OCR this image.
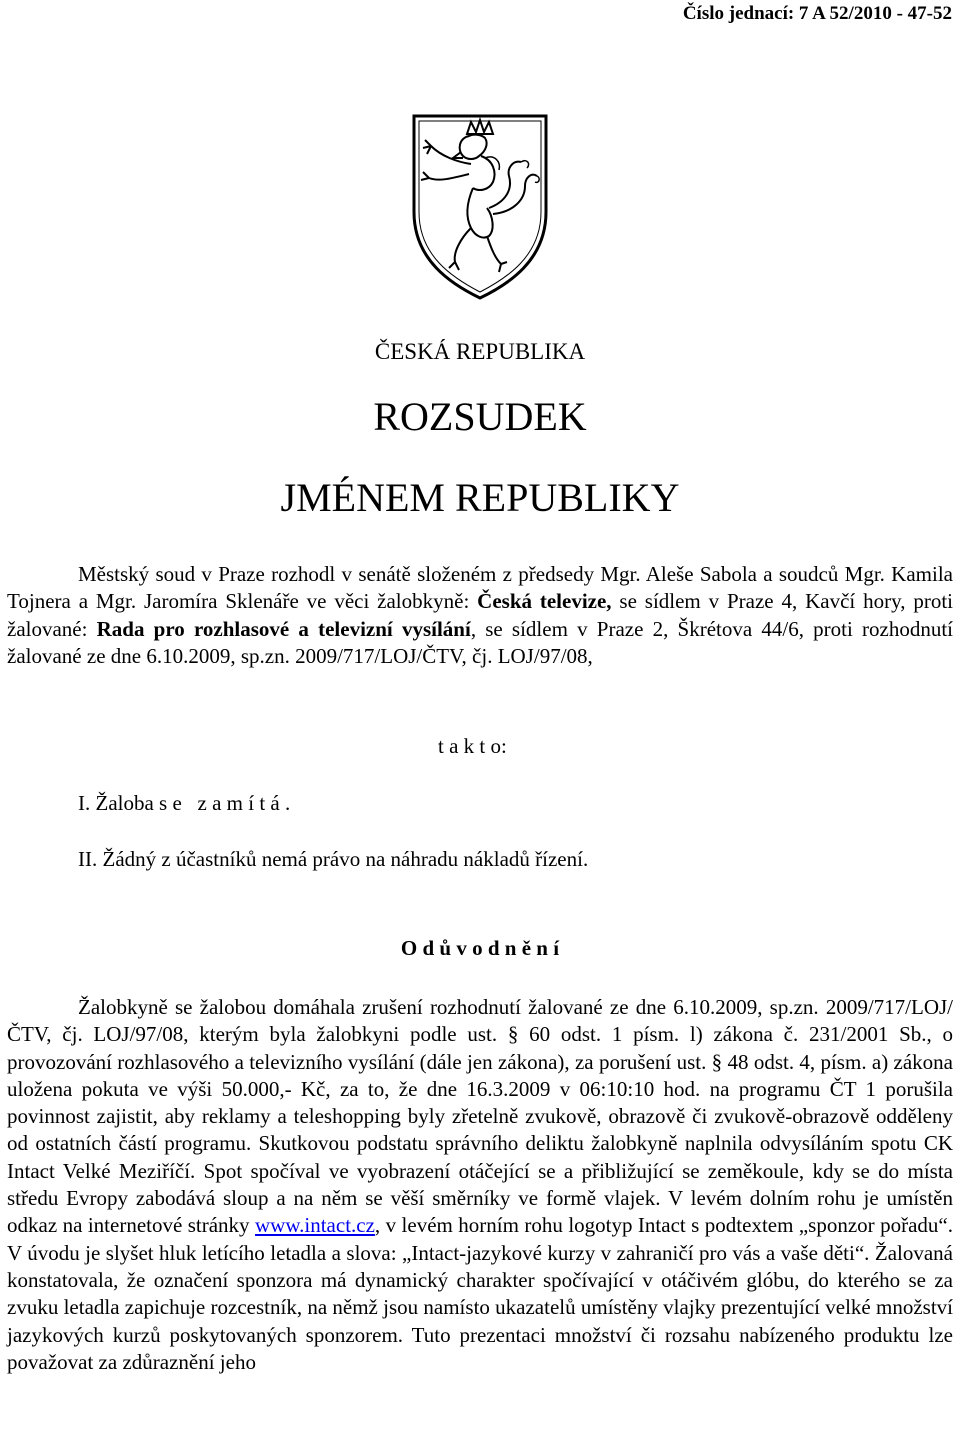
Číslo jednací: 7 A 52/2010 - 47-52
ČESKÁ REPUBLIKA
ROZSUDEK
JMÉNEM REPUBLIKY
Městský soud v Praze rozhodl v senátě složeném z předsedy Mgr. Aleše Sabola a soudců Mgr. Kamila Tojnera a Mgr. Jaromíra Sklenáře ve věci žalobkyně: Česká televize, se sídlem v Praze 4, Kavčí hory, proti žalované: Rada pro rozhlasové a televizní vysílání, se sídlem v Praze 2, Škrétova 44/6, proti rozhodnutí žalované ze dne 6.10.2009, sp.zn. 2009/717/LOJ/ČTV, čj. LOJ/97/08,
t a k t o:
I. Žaloba s e   z a m í t á .
II. Žádný z účastníků nemá právo na náhradu nákladů řízení.
O d ů v o d n ě n í
Žalobkyně se žalobou domáhala zrušení rozhodnutí žalované ze dne 6.10.2009, sp.zn. 2009/717/LOJ/ČTV, čj. LOJ/97/08, kterým byla žalobkyni podle ust. § 60 odst. 1 písm. l) zákona č. 231/2001 Sb., o provozování rozhlasového a televizního vysílání (dále jen zákona), za porušení ust. § 48 odst. 4, písm. a) zákona uložena pokuta ve výši 50.000,- Kč, za to, že dne 16.3.2009 v 06:10:10 hod. na programu ČT 1 porušila povinnost zajistit, aby reklamy a teleshopping byly zřetelně zvukově, obrazově či zvukově-obrazově odděleny od ostatních částí programu. Skutkovou podstatu správního deliktu žalobkyně naplnila odvysíláním spotu CK Intact Velké Meziříčí. Spot spočíval ve vyobrazení otáčející se a přibližující se zeměkoule, kdy se do místa středu Evropy zabodává sloup a na něm se věší směrníky ve formě vlajek. V levém dolním rohu je umístěn odkaz na internetové stránky www.intact.cz, v levém horním rohu logotyp Intact s podtextem „sponzor pořadu“. V úvodu je slyšet hluk letícího letadla a slova: „Intact-jazykové kurzy v zahraničí pro vás a vaše děti“. Žalovaná konstatovala, že označení sponzora má dynamický charakter spočívající v otáčivém glóbu, do kterého se za zvuku letadla zapichuje rozcestník, na němž jsou namísto ukazatelů umístěny vlajky prezentující velké množství jazykových kurzů poskytovaných sponzorem. Tuto prezentaci množství či rozsahu nabízeného produktu lze považovat za zdůraznění jeho
